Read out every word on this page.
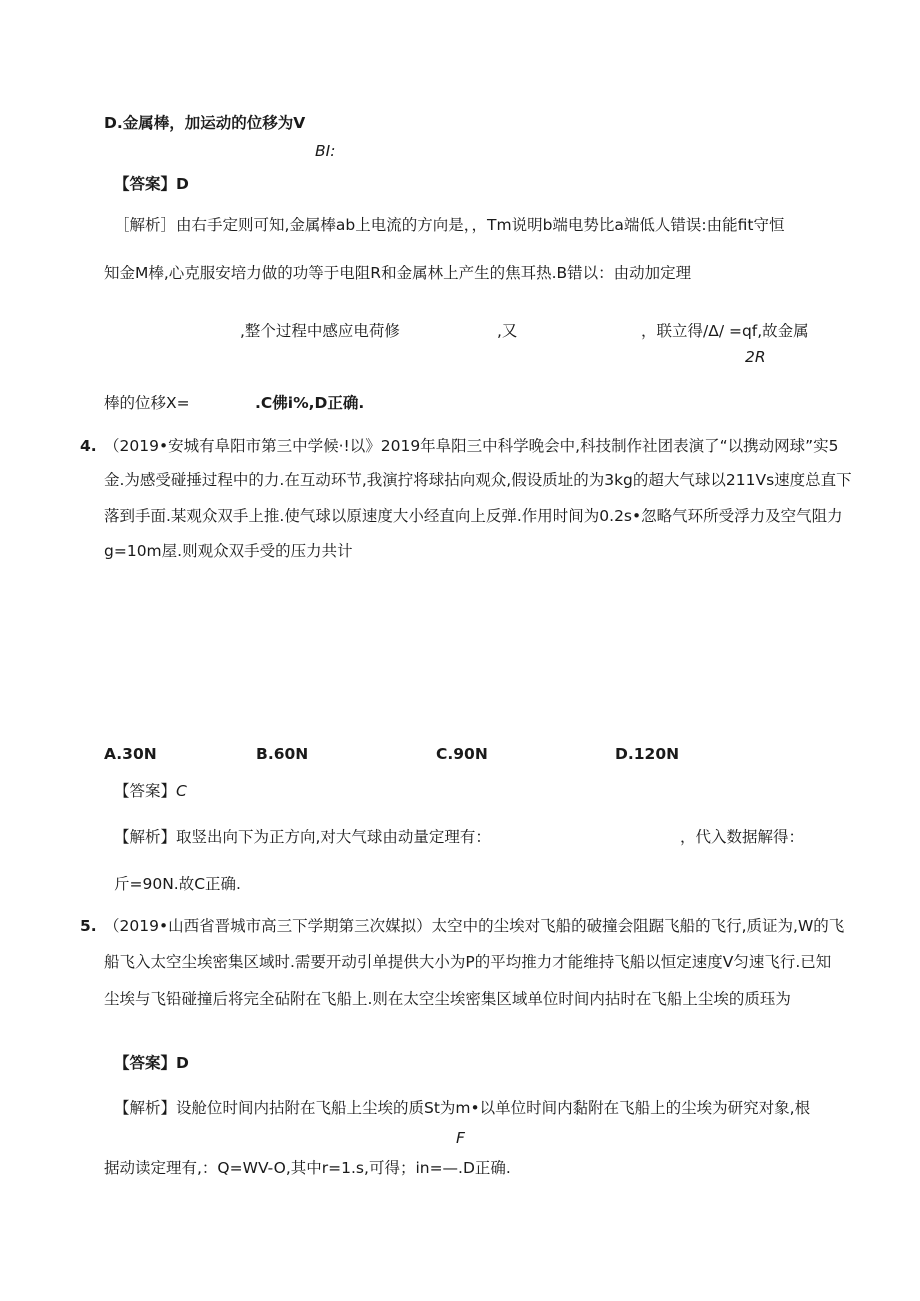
D.金属棒，加运动的位移为V
BI:
【答案】D
［解析］由右手定则可知,金属棒ab上电流的方向是，，Tm说明b端电势比a端低人错误:由能fit守恒
知金M棒,心克服安培力做的功等于电阻R和金属林上产生的焦耳热.B错以：由动加定理
,整个过程中感应电荷修	,又	，联立得/Δ/ =qf,故金属
2R
棒的位移X=	.C佛i%,D正确.
4. （2019•安城有阜阳市第三中学候·!以》2019年阜阳三中科学晚会中,科技制作社团表演了“以携动网球”实5
金.为感受碰捶过程中的力.在互动环节,我演拧将球拈向观众,假设质址的为3kg的超大气球以211Vs速度总直下
落到手面.某观众双手上推.使气球以原速度大小经直向上反弹.作用时间为0.2s•忽略气环所受浮力及空气阻力
g=10m屋.则观众双手受的压力共计
A.30N	B.60N	C.90N	D.120N
【答案】C
【解析】取竖出向下为正方向,对大气球由动量定理有：	，代入数据解得：
斤=90N.故C正确.
5. （2019•山西省晋城市高三下学期第三次媒拟）太空中的尘埃对飞船的破撞会阻踞飞船的飞行,质证为,W的飞
船飞入太空尘埃密集区域时.需要开动引单提供大小为P的平均推力才能维持飞船以恒定速度V匀速飞行.已知
尘埃与飞铅碰撞后将完全砧附在飞船上.则在太空尘埃密集区域单位时间内拈时在飞船上尘埃的质珏为
【答案】D
【解析】设舱位时间内拈附在飞船上尘埃的质St为m•以单位时间内黏附在飞船上的尘埃为研究对象,根
F
据动读定理有,：Q=WV-O,其中r=1.s,可得；in=—.D正确.
